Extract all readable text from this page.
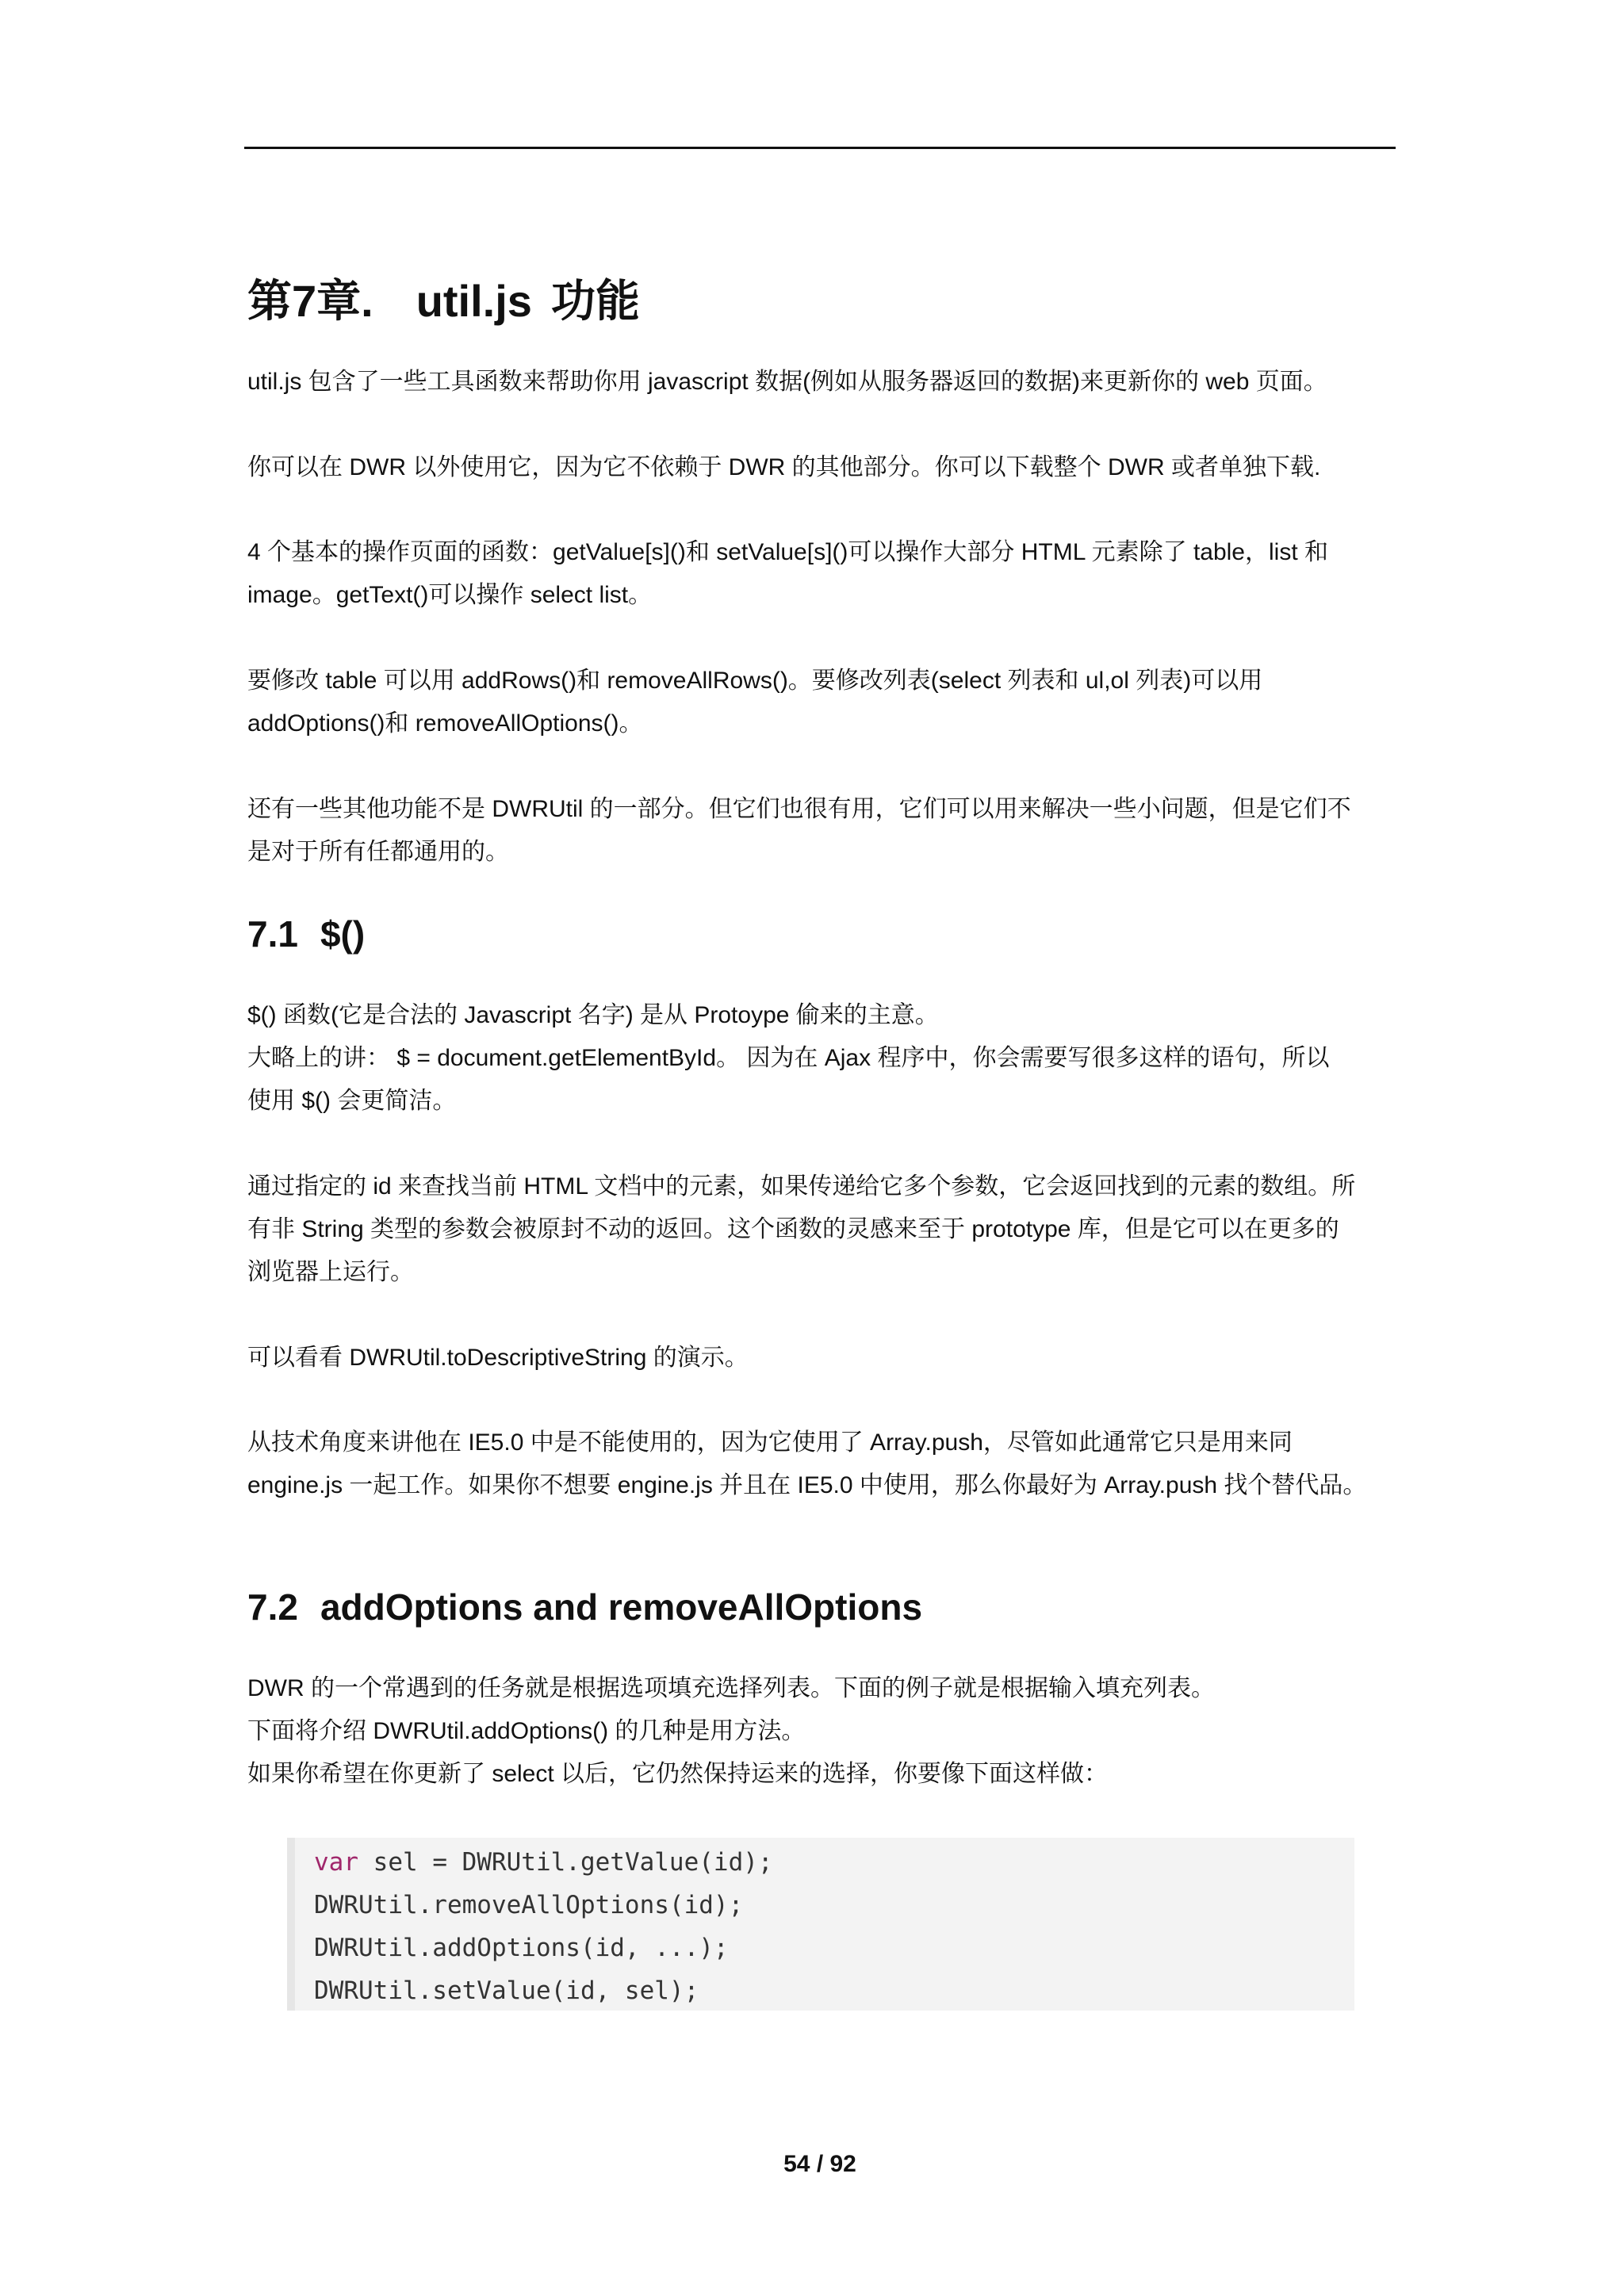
第7章. util.js 功能

util.js 包含了一些工具函数来帮助你用 javascript 数据(例如从服务器返回的数据)来更新你的 web 页面。

你可以在 DWR 以外使用它，因为它不依赖于 DWR 的其他部分。你可以下载整个 DWR 或者单独下载.

4 个基本的操作页面的函数：getValue[s]()和 setValue[s]()可以操作大部分 HTML 元素除了 table，list 和
image。getText()可以操作 select list。

要修改 table 可以用 addRows()和 removeAllRows()。要修改列表(select 列表和 ul,ol 列表)可以用
addOptions()和 removeAllOptions()。

还有一些其他功能不是 DWRUtil 的一部分。但它们也很有用，它们可以用来解决一些小问题，但是它们不
是对于所有任都通用的。

7.1 $()

$() 函数(它是合法的 Javascript 名字) 是从 Protoype 偷来的主意。
大略上的讲： $ = document.getElementById。 因为在 Ajax 程序中，你会需要写很多这样的语句，所以
使用 $() 会更简洁。

通过指定的 id 来查找当前 HTML 文档中的元素，如果传递给它多个参数，它会返回找到的元素的数组。所
有非 String 类型的参数会被原封不动的返回。这个函数的灵感来至于 prototype 库，但是它可以在更多的
浏览器上运行。

可以看看 DWRUtil.toDescriptiveString 的演示。

从技术角度来讲他在 IE5.0 中是不能使用的，因为它使用了 Array.push，尽管如此通常它只是用来同
engine.js 一起工作。如果你不想要 engine.js 并且在 IE5.0 中使用，那么你最好为 Array.push 找个替代品。

7.2 addOptions and removeAllOptions

DWR 的一个常遇到的任务就是根据选项填充选择列表。下面的例子就是根据输入填充列表。
下面将介绍 DWRUtil.addOptions() 的几种是用方法。
如果你希望在你更新了 select 以后，它仍然保持运来的选择，你要像下面这样做：

var sel = DWRUtil.getValue(id);
DWRUtil.removeAllOptions(id);
DWRUtil.addOptions(id, ...);
DWRUtil.setValue(id, sel);
54 / 92
